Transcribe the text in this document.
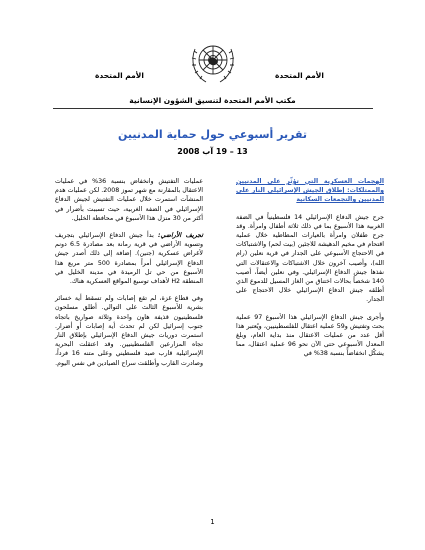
الأمم المتحدة	الأمم المتحدة
مكتب الأمم المتحدة لتنسيق الشؤون الإنسانية
تقرير أسبوعي حول حماية المدنيين
13 – 19 آب 2008

الهجمات العسكرية التي تؤثّر على المدنيين والممتلكات: إطلاق الجيش الإسرائيلي النار على المدنيين والتجمعات السكانية

جرح جيش الدفاع الإسرائيلي 14 فلسطينياً في الضفة الغربية هذا الأسبوع بما في ذلك ثلاثة أطفال وامرأة. وقد جرح طفلان وامرأة بالعيارات المطاطية خلال عملية اقتحام في مخيم الدهيشة للاجئين (بيت لحم) والاشتباكات في الاحتجاج الأسبوعي على الجدار في قرية نعلين (رام الله)، وأصيب آخرون خلال الاشتباكات والاعتقالات التي نفذها جيش الدفاع الإسرائيلي. وفي نعلين أيضاً، أصيب 140 شخصاً بحالات اختناق من الغاز المسيل للدموع الذي أطلقه جيش الدفاع الإسرائيلي خلال الاحتجاج على الجدار.

وأجرى جيش الدفاع الإسرائيلي هذا الأسبوع 97 عملية بحث وتفتيش و59 عملية اعتقال للفلسطينيين، ويُعتبر هذا أقل عدد من عمليات الاعتقال منذ بداية العام، وبلغ المعدل الأسبوعي حتى الآن نحو 96 عملية اعتقال، مما يشكّل انخفاضاً بنسبة 38% في

عمليات التفتيش وانخفاض بنسبة 36% في عمليات الاعتقال بالمقارنة مع شهر تموز 2008. لكن عمليات هدم المنشآت استمرت خلال عمليات التفتيش لجيش الدفاع الإسرائيلي في الضفة الغربية، حيث تسببت بأضرار في أكثر من 30 منزل هذا الأسبوع في محافظة الخليل.

تجريف الأراضي: بدأ جيش الدفاع الإسرائيلي بتجريف وتسوية الأراضي في قرية رمانة بعد مصادرة 6.5 دونم لأغراض عسكرية (جنين). إضافة إلى ذلك أصدر جيش الدفاع الإسرائيلي أمراً بمصادرة 500 متر مربع هذا الأسبوع من حي تل الرميدة في مدينة الخليل في المنطقة H2 لأهداف توسيع المواقع العسكرية هناك.

وفي قطاع غزة، لم تقع إصابات ولم تسقط أية خسائر بشرية للأسبوع الثالث على التوالي. أطلق مسلحون فلسطينيون قذيفة هاون واحدة وثلاثة صواريخ باتجاه جنوب إسرائيل لكن لم تحدث أية إصابات أو أضرار. استمرت دوريات جيش الدفاع الإسرائيلي بإطلاق النار تجاه المزارعين الفلسطينيين. وقد اعتقلت البحرية الإسرائيلية قارب صيد فلسطيني وعلى متنه 16 فرداً، وصادرت القارب وأطلقت سراح الصيادين في نفس اليوم.

1
